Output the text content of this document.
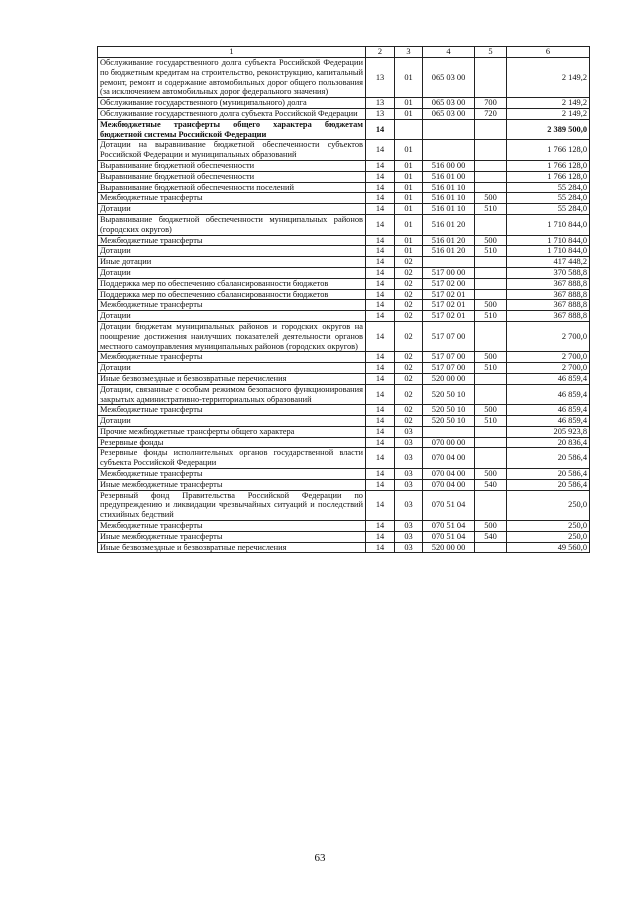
1	2	3	4	5	6
Обслуживание государственного долга субъекта Российской Федерации по бюджетным кредитам на строительство, реконструкцию, капитальный ремонт, ремонт и содержание автомобильных дорог общего пользования (за исключением автомобильных дорог федерального значения)	13	01	065 03 00		2 149,2
Обслуживание государственного (муниципального) долга	13	01	065 03 00	700	2 149,2
Обслуживание государственного долга субъекта Российской Федерации	13	01	065 03 00	720	2 149,2
Межбюджетные трансферты общего характера бюджетам бюджетной системы Российской Федерации	14				2 389 500,0
Дотации на выравнивание бюджетной обеспеченности субъектов Российской Федерации и муниципальных образований	14	01			1 766 128,0
Выравнивание бюджетной обеспеченности	14	01	516 00 00		1 766 128,0
Выравнивание бюджетной обеспеченности	14	01	516 01 00		1 766 128,0
Выравнивание бюджетной обеспеченности поселений	14	01	516 01 10		55 284,0
Межбюджетные трансферты	14	01	516 01 10	500	55 284,0
Дотации	14	01	516 01 10	510	55 284,0
Выравнивание бюджетной обеспеченности муниципальных районов (городских округов)	14	01	516 01 20		1 710 844,0
Межбюджетные трансферты	14	01	516 01 20	500	1 710 844,0
Дотации	14	01	516 01 20	510	1 710 844,0
Иные дотации	14	02			417 448,2
Дотации	14	02	517 00 00		370 588,8
Поддержка мер по обеспечению сбалансированности бюджетов	14	02	517 02 00		367 888,8
Поддержка мер по обеспечению сбалансированности бюджетов	14	02	517 02 01		367 888,8
Межбюджетные трансферты	14	02	517 02 01	500	367 888,8
Дотации	14	02	517 02 01	510	367 888,8
Дотации бюджетам муниципальных районов и городских округов на поощрение достижения наилучших показателей деятельности органов местного самоуправления муниципальных районов (городских округов)	14	02	517 07 00		2 700,0
Межбюджетные трансферты	14	02	517 07 00	500	2 700,0
Дотации	14	02	517 07 00	510	2 700,0
Иные безвозмездные и безвозвратные перечисления	14	02	520 00 00		46 859,4
Дотации, связанные с особым режимом безопасного функционирования закрытых административно-территориальных образований	14	02	520 50 10		46 859,4
Межбюджетные трансферты	14	02	520 50 10	500	46 859,4
Дотации	14	02	520 50 10	510	46 859,4
Прочие межбюджетные трансферты общего характера	14	03			205 923,8
Резервные фонды	14	03	070 00 00		20 836,4
Резервные фонды исполнительных органов государственной власти субъекта Российской Федерации	14	03	070 04 00		20 586,4
Межбюджетные трансферты	14	03	070 04 00	500	20 586,4
Иные межбюджетные трансферты	14	03	070 04 00	540	20 586,4
Резервный фонд Правительства Российской Федерации по предупреждению и ликвидации чрезвычайных ситуаций и последствий стихийных бедствий	14	03	070 51 04		250,0
Межбюджетные трансферты	14	03	070 51 04	500	250,0
Иные межбюджетные трансферты	14	03	070 51 04	540	250,0
Иные безвозмездные и безвозвратные перечисления	14	03	520 00 00		49 560,0
63
